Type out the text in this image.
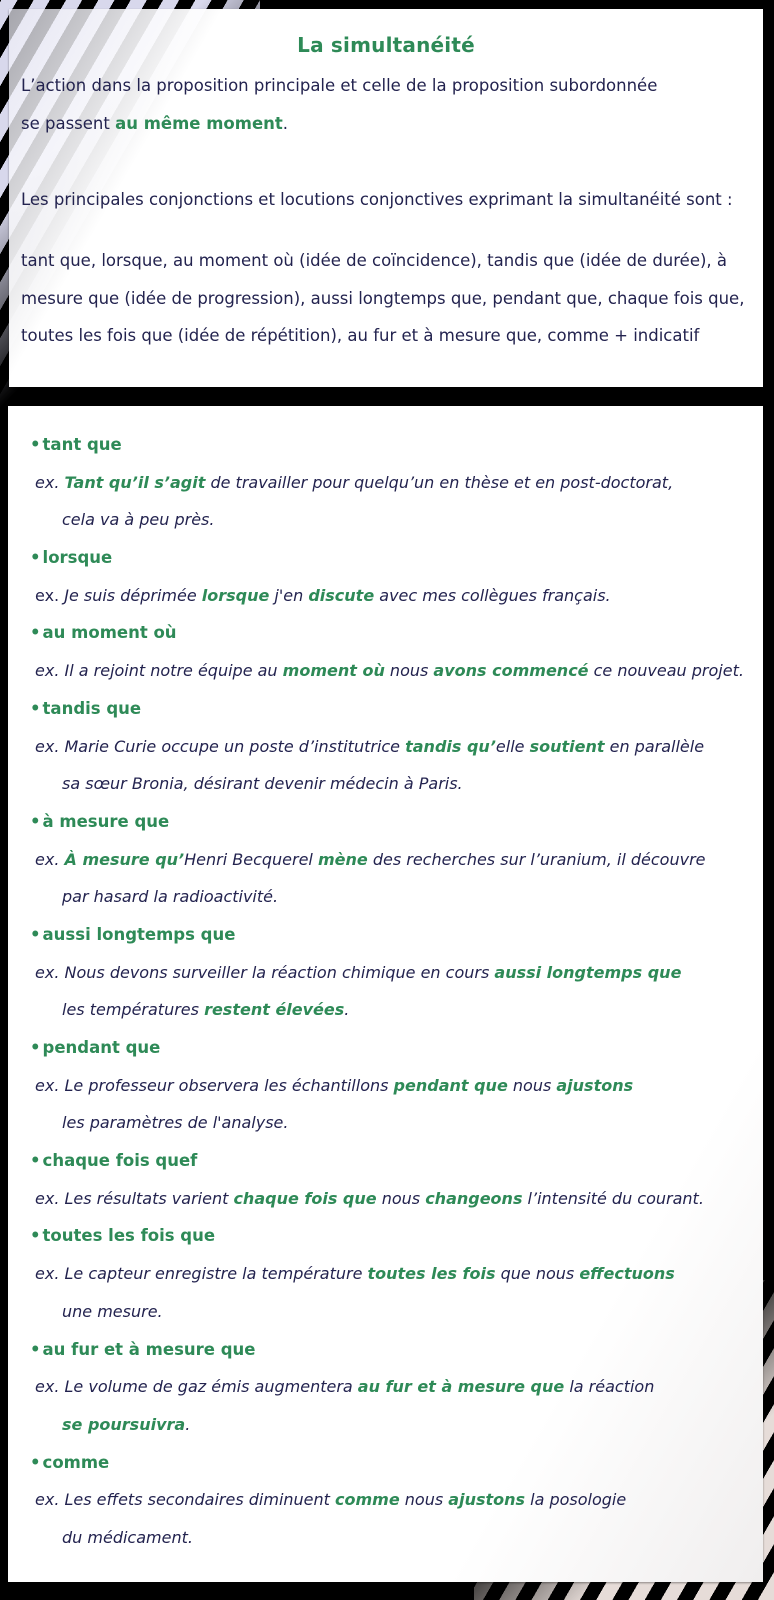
La simultanéité
L’action dans la proposition principale et celle de la proposition subordonnée
se passent au même moment.
Les principales conjonctions et locutions conjonctives exprimant la simultanéité sont :
tant que, lorsque, au moment où (idée de coïncidence), tandis que (idée de durée), à
mesure que (idée de progression), aussi longtemps que, pendant que, chaque fois que,
toutes les fois que (idée de répétition), au fur et à mesure que, comme + indicatif
• tant que
ex. Tant qu’il s’agit de travailler pour quelqu’un en thèse et en post-doctorat,
cela va à peu près.
• lorsque
ex. Je suis déprimée lorsque j'en discute avec mes collègues français.
• au moment où
ex. Il a rejoint notre équipe au moment où nous avons commencé ce nouveau projet.
• tandis que
ex. Marie Curie occupe un poste d’institutrice tandis qu’elle soutient en parallèle
sa sœur Bronia, désirant devenir médecin à Paris.
• à mesure que
ex. À mesure qu’Henri Becquerel mène des recherches sur l’uranium, il découvre
par hasard la radioactivité.
• aussi longtemps que
ex. Nous devons surveiller la réaction chimique en cours aussi longtemps que
les températures restent élevées.
• pendant que
ex. Le professeur observera les échantillons pendant que nous ajustons
les paramètres de l'analyse.
• chaque fois quef
ex. Les résultats varient chaque fois que nous changeons l’intensité du courant.
• toutes les fois que
ex. Le capteur enregistre la température toutes les fois que nous effectuons
une mesure.
• au fur et à mesure que
ex. Le volume de gaz émis augmentera au fur et à mesure que la réaction
se poursuivra.
• comme
ex. Les effets secondaires diminuent comme nous ajustons la posologie
du médicament.
